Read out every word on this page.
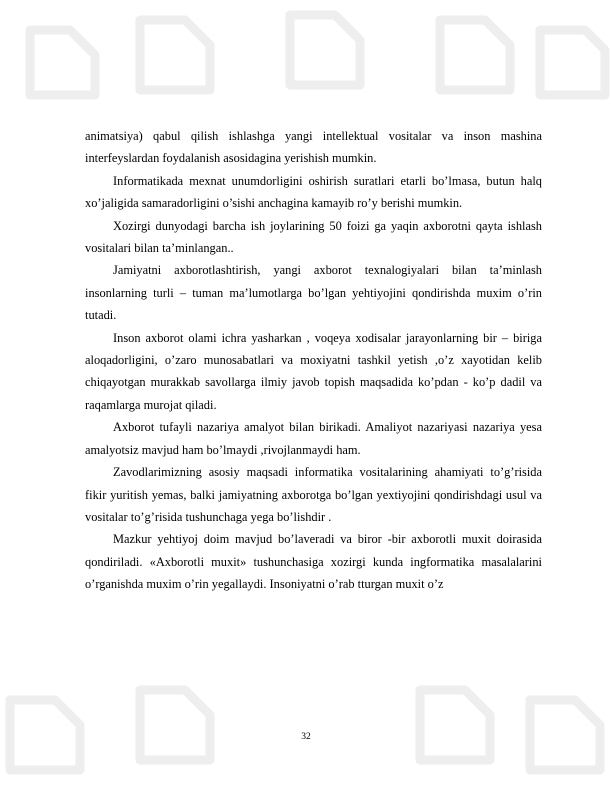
animatsiya) qabul qilish ishlashga yangi intellektual vositalar va inson mashina interfeyslardan foydalanish asosidagina yerishish mumkin.

Informatikada mexnat unumdorligini oshirish suratlari etarli bo’lmasa, butun halq xo’jaligida samaradorligini o’sishi anchagina kamayib ro’y berishi mumkin.

Xozirgi dunyodagi barcha ish joylarining 50 foizi ga yaqin axborotni qayta ishlash vositalari bilan ta’minlangan..

Jamiyatni axborotlashtirish, yangi axborot texnalogiyalari bilan ta’minlash insonlarning turli – tuman ma’lumotlarga bo’lgan yehtiyojini qondirishda muxim o’rin tutadi.

Inson axborot olami ichra yasharkan , voqeya xodisalar jarayonlarning bir – biriga aloqadorligini, o’zaro munosabatlari va moxiyatni tashkil yetish ,o’z xayotidan kelib chiqayotgan murakkab savollarga ilmiy javob topish maqsadida ko’pdan - ko’p dadil va raqamlarga murojat qiladi.

Axborot tufayli nazariya amalyot bilan birikadi. Amaliyot nazariyasi nazariya yesa amalyotsiz mavjud ham bo’lmaydi ,rivojlanmaydi ham.

Zavodlarimizning asosiy maqsadi informatika vositalarining ahamiyati to’g’risida fikir yuritish yemas, balki jamiyatning axborotga bo’lgan yextiyojini qondirishdagi usul va vositalar to’g’risida tushunchaga yega bo’lishdir .

Mazkur yehtiyoj doim mavjud bo’laveradi va biror -bir axborotli muxit doirasida qondiriladi. «Axborotli muxit» tushunchasiga xozirgi kunda ingformatika masalalarini o’rganishda muxim o’rin yegallaydi. Insoniyatni o’rab tturgan muxit o’z

32
